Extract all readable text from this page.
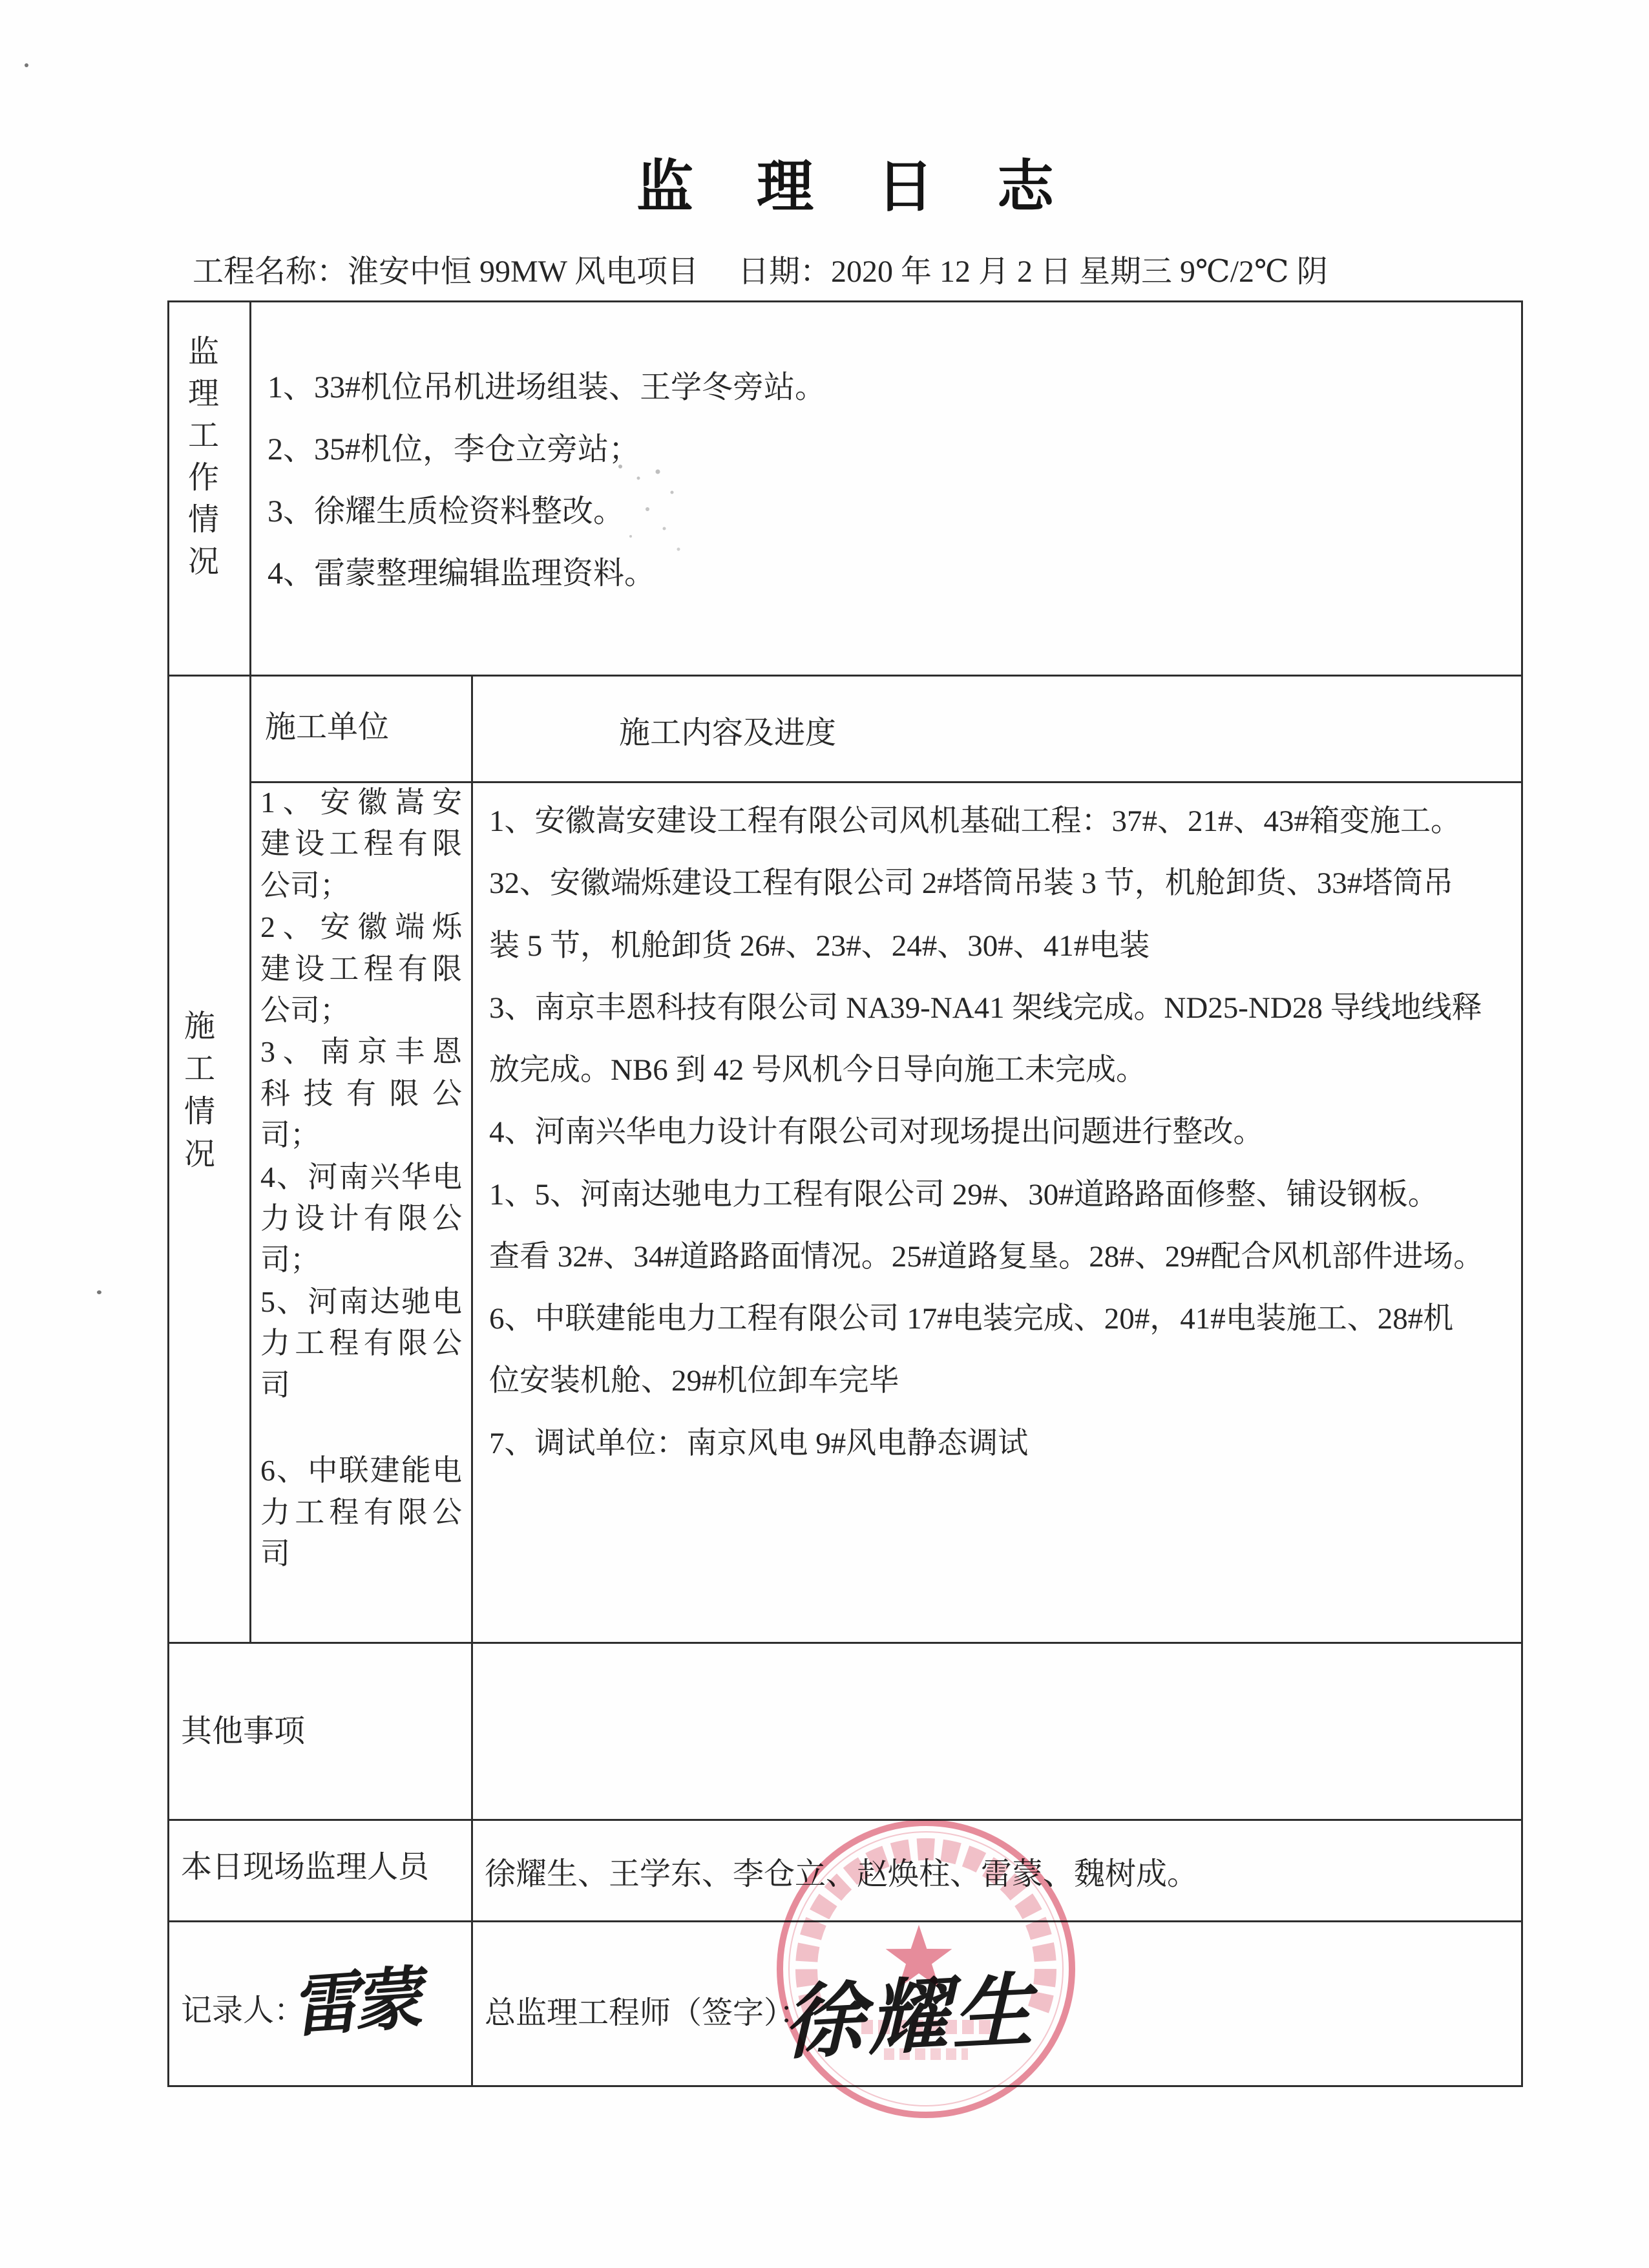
监 理 日 志
工程名称：淮安中恒 99MW 风电项目 日期：2020 年 12 月 2 日 星期三 9℃/2℃ 阴
监理工作情况
1、33#机位吊机进场组装、王学冬旁站。
2、35#机位，李仓立旁站；
3、徐耀生质检资料整改。
4、雷蒙整理编辑监理资料。
施工情况
施工单位	施工内容及进度
1、安徽嵩安
建设工程有限
公司；
2、安徽端烁
建设工程有限
公司；
3、南京丰恩
科技有限公
司；
4、河南兴华电
力设计有限公
司；
5、河南达驰电
力工程有限公
司
6、中联建能电
力工程有限公
司
1、安徽嵩安建设工程有限公司风机基础工程：37#、21#、43#箱变施工。
32、安徽端烁建设工程有限公司 2#塔筒吊装 3 节，机舱卸货、33#塔筒吊
装 5 节，机舱卸货 26#、23#、24#、30#、41#电装
3、南京丰恩科技有限公司 NA39-NA41 架线完成。ND25-ND28 导线地线释
放完成。NB6 到 42 号风机今日导向施工未完成。
4、河南兴华电力设计有限公司对现场提出问题进行整改。
1、5、河南达驰电力工程有限公司 29#、30#道路路面修整、铺设钢板。
查看 32#、34#道路路面情况。25#道路复垦。28#、29#配合风机部件进场。
6、中联建能电力工程有限公司 17#电装完成、20#，41#电装施工、28#机
位安装机舱、29#机位卸车完毕
7、调试单位：南京风电 9#风电静态调试
其他事项
本日现场监理人员 徐耀生、王学东、李仓立、赵焕柱、雷蒙、魏树成。
记录人：
雷蒙 总监理工程师（签字）：
徐耀生
